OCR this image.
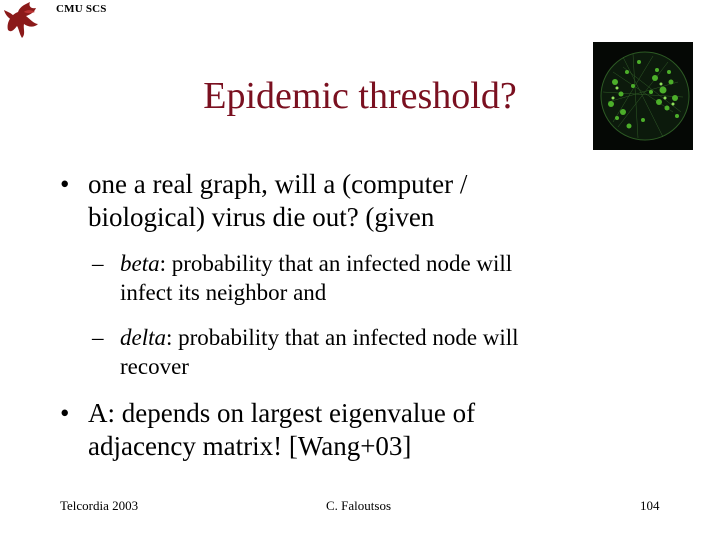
CMU SCS
Epidemic threshold?
• one a real graph, will a (computer /
biological) virus die out? (given
– beta: probability that an infected node will
infect its neighbor and
– delta: probability that an infected node will
recover
• A: depends on largest eigenvalue of
adjacency matrix! [Wang+03]
Telcordia 2003	C. Faloutsos	104
